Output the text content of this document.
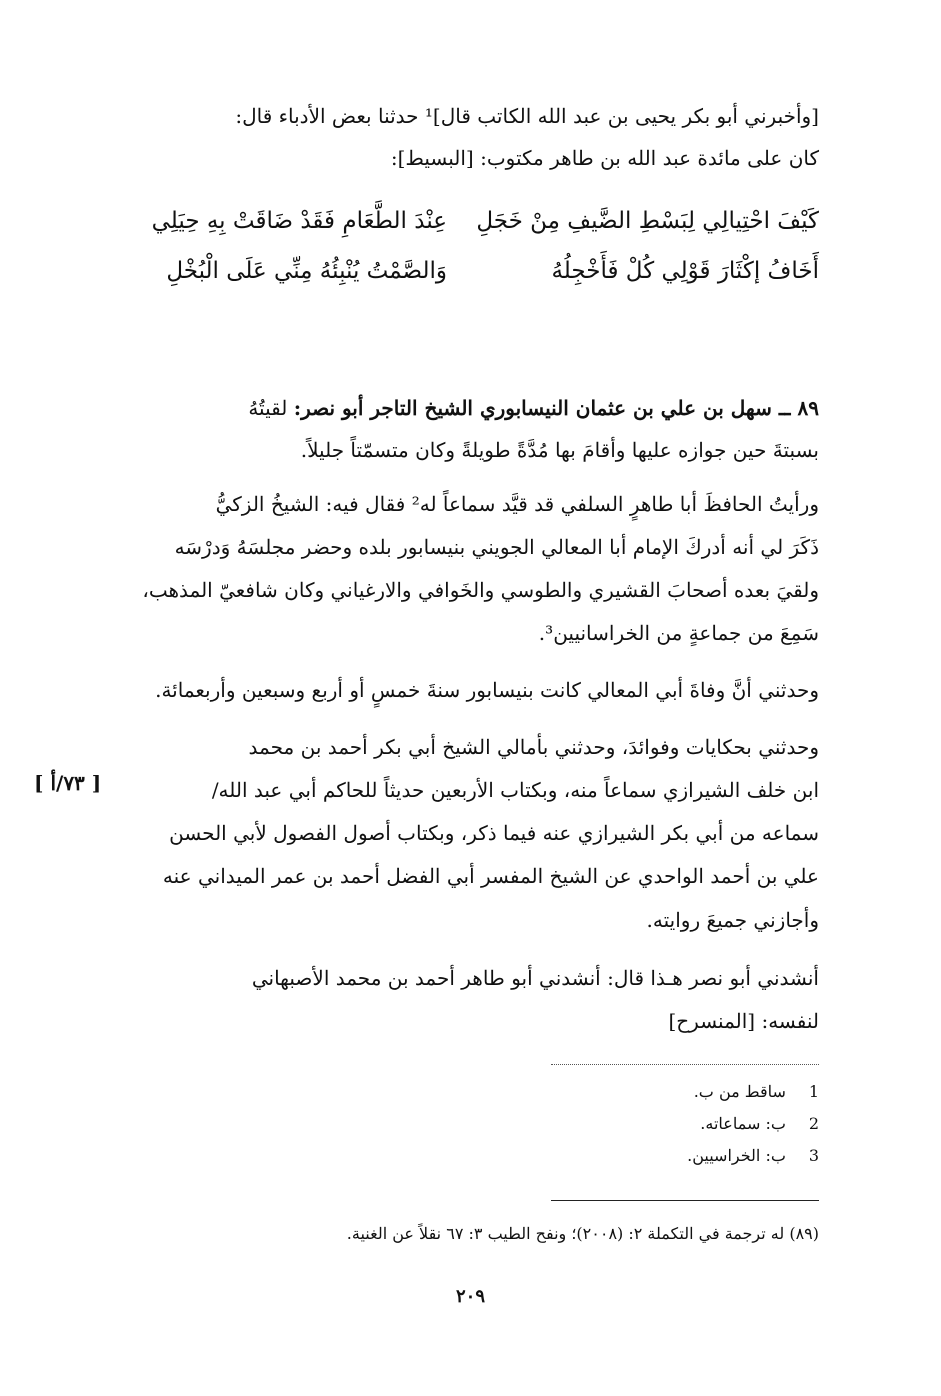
[وأخبرني أبو بكر يحيى بن عبد الله الكاتب قال]¹ حدثنا بعض الأدباء قال:
كان على مائدة عبد الله بن طاهر مكتوب: [البسيط]:
كَيْفَ احْتِيالِي لِبَسْطِ الضَّيفِ مِنْ خَجَلِ
عِنْدَ الطَّعَامِ فَقَدْ ضَاقَتْ بِهِ حِيَلِي
أَخَافُ إكْثَارَ قَوْلِي كُلْ فَأَخْجِلُهُ
وَالصَّمْتُ يُنْبِئُهُ مِنِّي عَلَى الْبُخْلِ
٨٩ ــ سهل بن علي بن عثمان النيسابوري الشيخ التاجر أبو نصر: لقيتُهُ
بسبتةَ حين جوازه عليها وأقامَ بها مُدَّةً طويلةً وكان متسمّتاً جليلاً.
ورأيتُ الحافظَ أبا طاهرٍ السلفي قد قيَّد سماعاً له² فقال فيه: الشيخُ الزكيُّ
ذَكَرَ لي أنه أدركَ الإمام أبا المعالي الجويني بنيسابور بلده وحضر مجلسَهُ وَدرْسَه
ولقيَ بعده أصحابَ القشيري والطوسي والخَوافي والارغياني وكان شافعيّ المذهب،
سَمِعَ من جماعةٍ من الخراسانيين³.
وحدثني أنَّ وفاةَ أبي المعالي كانت بنيسابور سنةَ خمسٍ أو أربع وسبعين وأربعمائة.
وحدثني بحكايات وفوائدَ، وحدثني بأمالي الشيخ أبي بكر أحمد بن محمد
ابن خلف الشيرازي سماعاً منه، وبكتاب الأربعين حديثاً للحاكم أبي عبد الله/
[ ٧٣/أ ]
سماعه من أبي بكر الشيرازي عنه فيما ذكر، وبكتاب أصول الفصول لأبي الحسن
علي بن أحمد الواحدي عن الشيخ المفسر أبي الفضل أحمد بن عمر الميداني عنه
وأجازني جميعَ روايته.
أنشدني أبو نصر هـذا قال: أنشدني أبو طاهر أحمد بن محمد الأصبهاني
لنفسه: [المنسرح]
1 ساقط من ب.
2 ب: سماعاته.
3 ب: الخراسيين.
(٨٩) له ترجمة في التكملة ٢: (٢٠٠٨)؛ ونفح الطيب ٣: ٦٧ نقلاً عن الغنية.
٢٠٩
